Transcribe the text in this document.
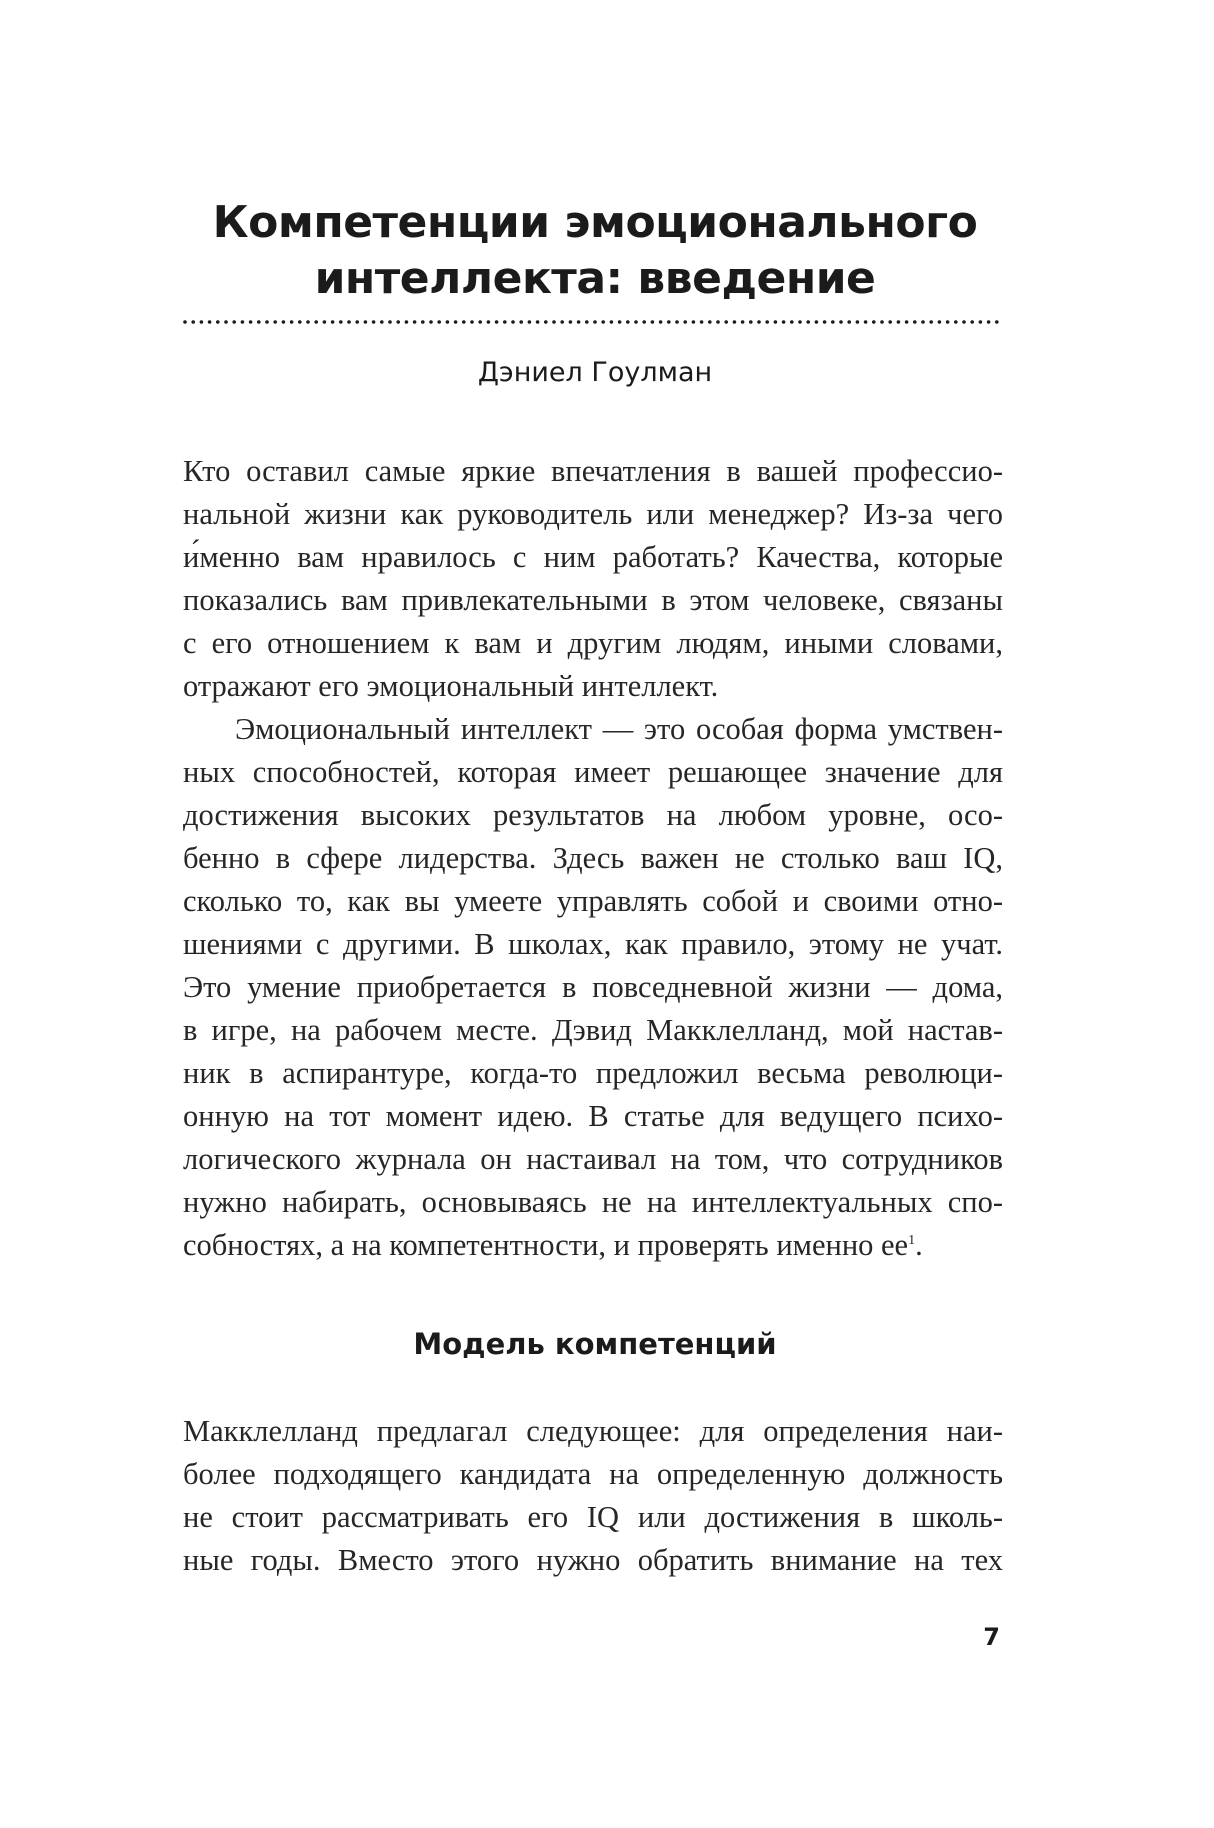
Компетенции эмоционального
интеллекта: введение

Дэниел Гоулман

Кто оставил самые яркие впечатления в вашей профессио-
нальной жизни как руководитель или менеджер? Из-за чего
и́менно вам нравилось с ним работать? Качества, которые
показались вам привлекательными в этом человеке, связаны
с его отношением к вам и другим людям, иными словами,
отражают его эмоциональный интеллект.
Эмоциональный интеллект — это особая форма умствен-
ных способностей, которая имеет решающее значение для
достижения высоких результатов на любом уровне, осо-
бенно в сфере лидерства. Здесь важен не столько ваш IQ,
сколько то, как вы умеете управлять собой и своими отно-
шениями с другими. В школах, как правило, этому не учат.
Это умение приобретается в повседневной жизни — дома,
в игре, на рабочем месте. Дэвид Макклелланд, мой настав-
ник в аспирантуре, когда-то предложил весьма революци-
онную на тот момент идею. В статье для ведущего психо-
логического журнала он настаивал на том, что сотрудников
нужно набирать, основываясь не на интеллектуальных спо-
собностях, а на компетентности, и проверять именно ее$^1$.
Модель компетенций
Макклелланд предлагал следующее: для определения наи-
более подходящего кандидата на определенную должность
не стоит рассматривать его IQ или достижения в школь-
ные годы. Вместо этого нужно обратить внимание на тех
7
